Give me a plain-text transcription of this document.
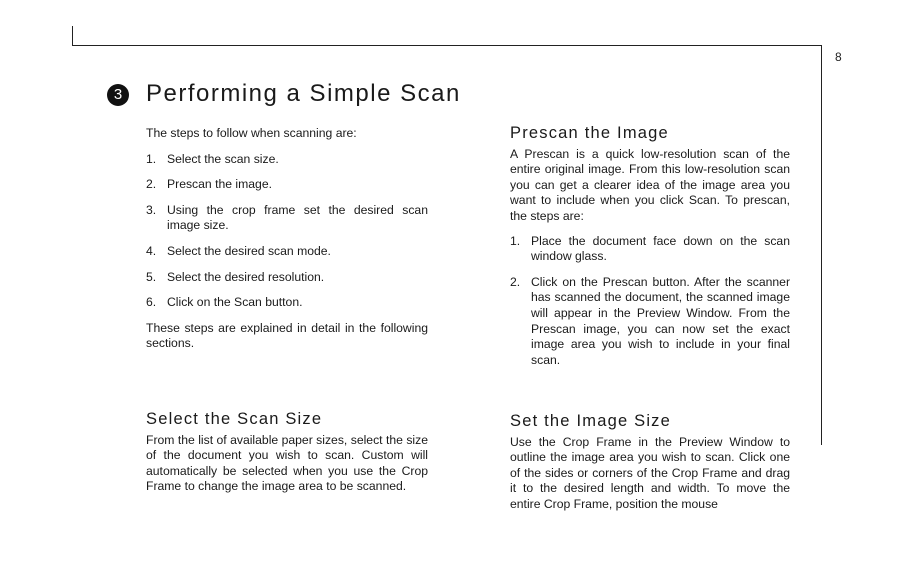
8
3 Performing a Simple Scan

The steps to follow when scanning are:

1. Select the scan size.
2. Prescan the image.
3. Using the crop frame set the desired scan image size.
4. Select the desired scan mode.
5. Select the desired resolution.
6. Click on the Scan button.

These steps are explained in detail in the following sections.

Select the Scan Size

From the list of available paper sizes, select the size of the document you wish to scan. Custom will automatically be selected when you use the Crop Frame to change the image area to be scanned.

Prescan the Image

A Prescan is a quick low-resolution scan of the entire original image. From this low-resolution scan you can get a clearer idea of the image area you want to include when you click Scan. To prescan, the steps are:

1. Place the document face down on the scan window glass.
2. Click on the Prescan button. After the scanner has scanned the document, the scanned image will appear in the Preview Window. From the Prescan image, you can now set the exact image area you wish to include in your final scan.
Set the Image Size

Use the Crop Frame in the Preview Window to outline the image area you wish to scan. Click one of the sides or corners of the Crop Frame and drag it to the desired length and width. To move the entire Crop Frame, position the mouse
